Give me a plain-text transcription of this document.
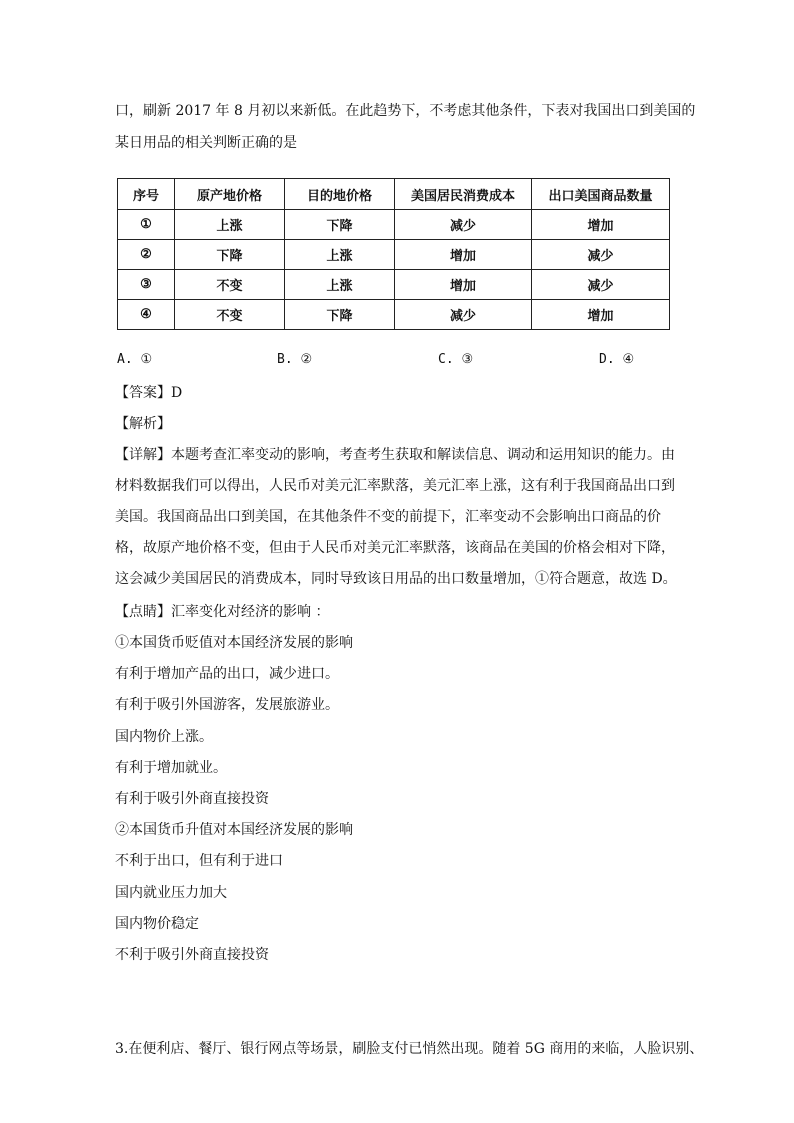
口，刷新 2017 年 8 月初以来新低。在此趋势下，不考虑其他条件，下表对我国出口到美国的
某日用品的相关判断正确的是
序号	原产地价格	目的地价格	美国居民消费成本	出口美国商品数量
①	上涨	下降	减少	增加
②	下降	上涨	增加	减少
③	不变	上涨	增加	减少
④	不变	下降	减少	增加
A. ①	B. ②	C. ③	D. ④
【答案】D
【解析】
【详解】本题考查汇率变动的影响，考查考生获取和解读信息、调动和运用知识的能力。由材料数据我们可以得出，人民币对美元汇率默落，美元汇率上涨，这有利于我国商品出口到美国。我国商品出口到美国，在其他条件不变的前提下，汇率变动不会影响出口商品的价格，故原产地价格不变，但由于人民币对美元汇率默落，该商品在美国的价格会相对下降，这会减少美国居民的消费成本，同时导致该日用品的出口数量增加，①符合题意，故选 D。
【点睛】汇率变化对经济的影响 ：
①本国货币贬值对本国经济发展的影响
有利于增加产品的出口，减少进口。
有利于吸引外国游客，发展旅游业。
国内物价上涨。
有利于增加就业。
有利于吸引外商直接投资
②本国货币升值对本国经济发展的影响
不利于出口，但有利于进口
国内就业压力加大
国内物价稳定
不利于吸引外商直接投资
3.在便利店、餐厅、银行网点等场景，刷脸支付已悄然出现。随着 5G 商用的来临，人脸识别、
